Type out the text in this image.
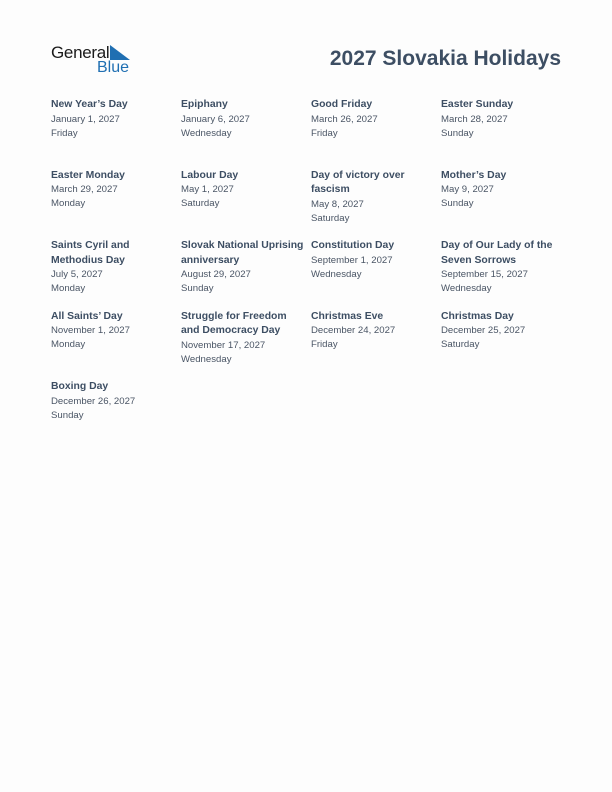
General
Blue	2027 Slovakia Holidays
New Year’s Day
January 1, 2027
Friday
Epiphany
January 6, 2027
Wednesday
Good Friday
March 26, 2027
Friday
Easter Sunday
March 28, 2027
Sunday
Easter Monday
March 29, 2027
Monday
Labour Day
May 1, 2027
Saturday
Day of victory over fascism
May 8, 2027
Saturday
Mother’s Day
May 9, 2027
Sunday
Saints Cyril and Methodius Day
July 5, 2027
Monday
Slovak National Uprising anniversary
August 29, 2027
Sunday
Constitution Day
September 1, 2027
Wednesday
Day of Our Lady of the Seven Sorrows
September 15, 2027
Wednesday
All Saints’ Day
November 1, 2027
Monday
Struggle for Freedom and Democracy Day
November 17, 2027
Wednesday
Christmas Eve
December 24, 2027
Friday
Christmas Day
December 25, 2027
Saturday
Boxing Day
December 26, 2027
Sunday
